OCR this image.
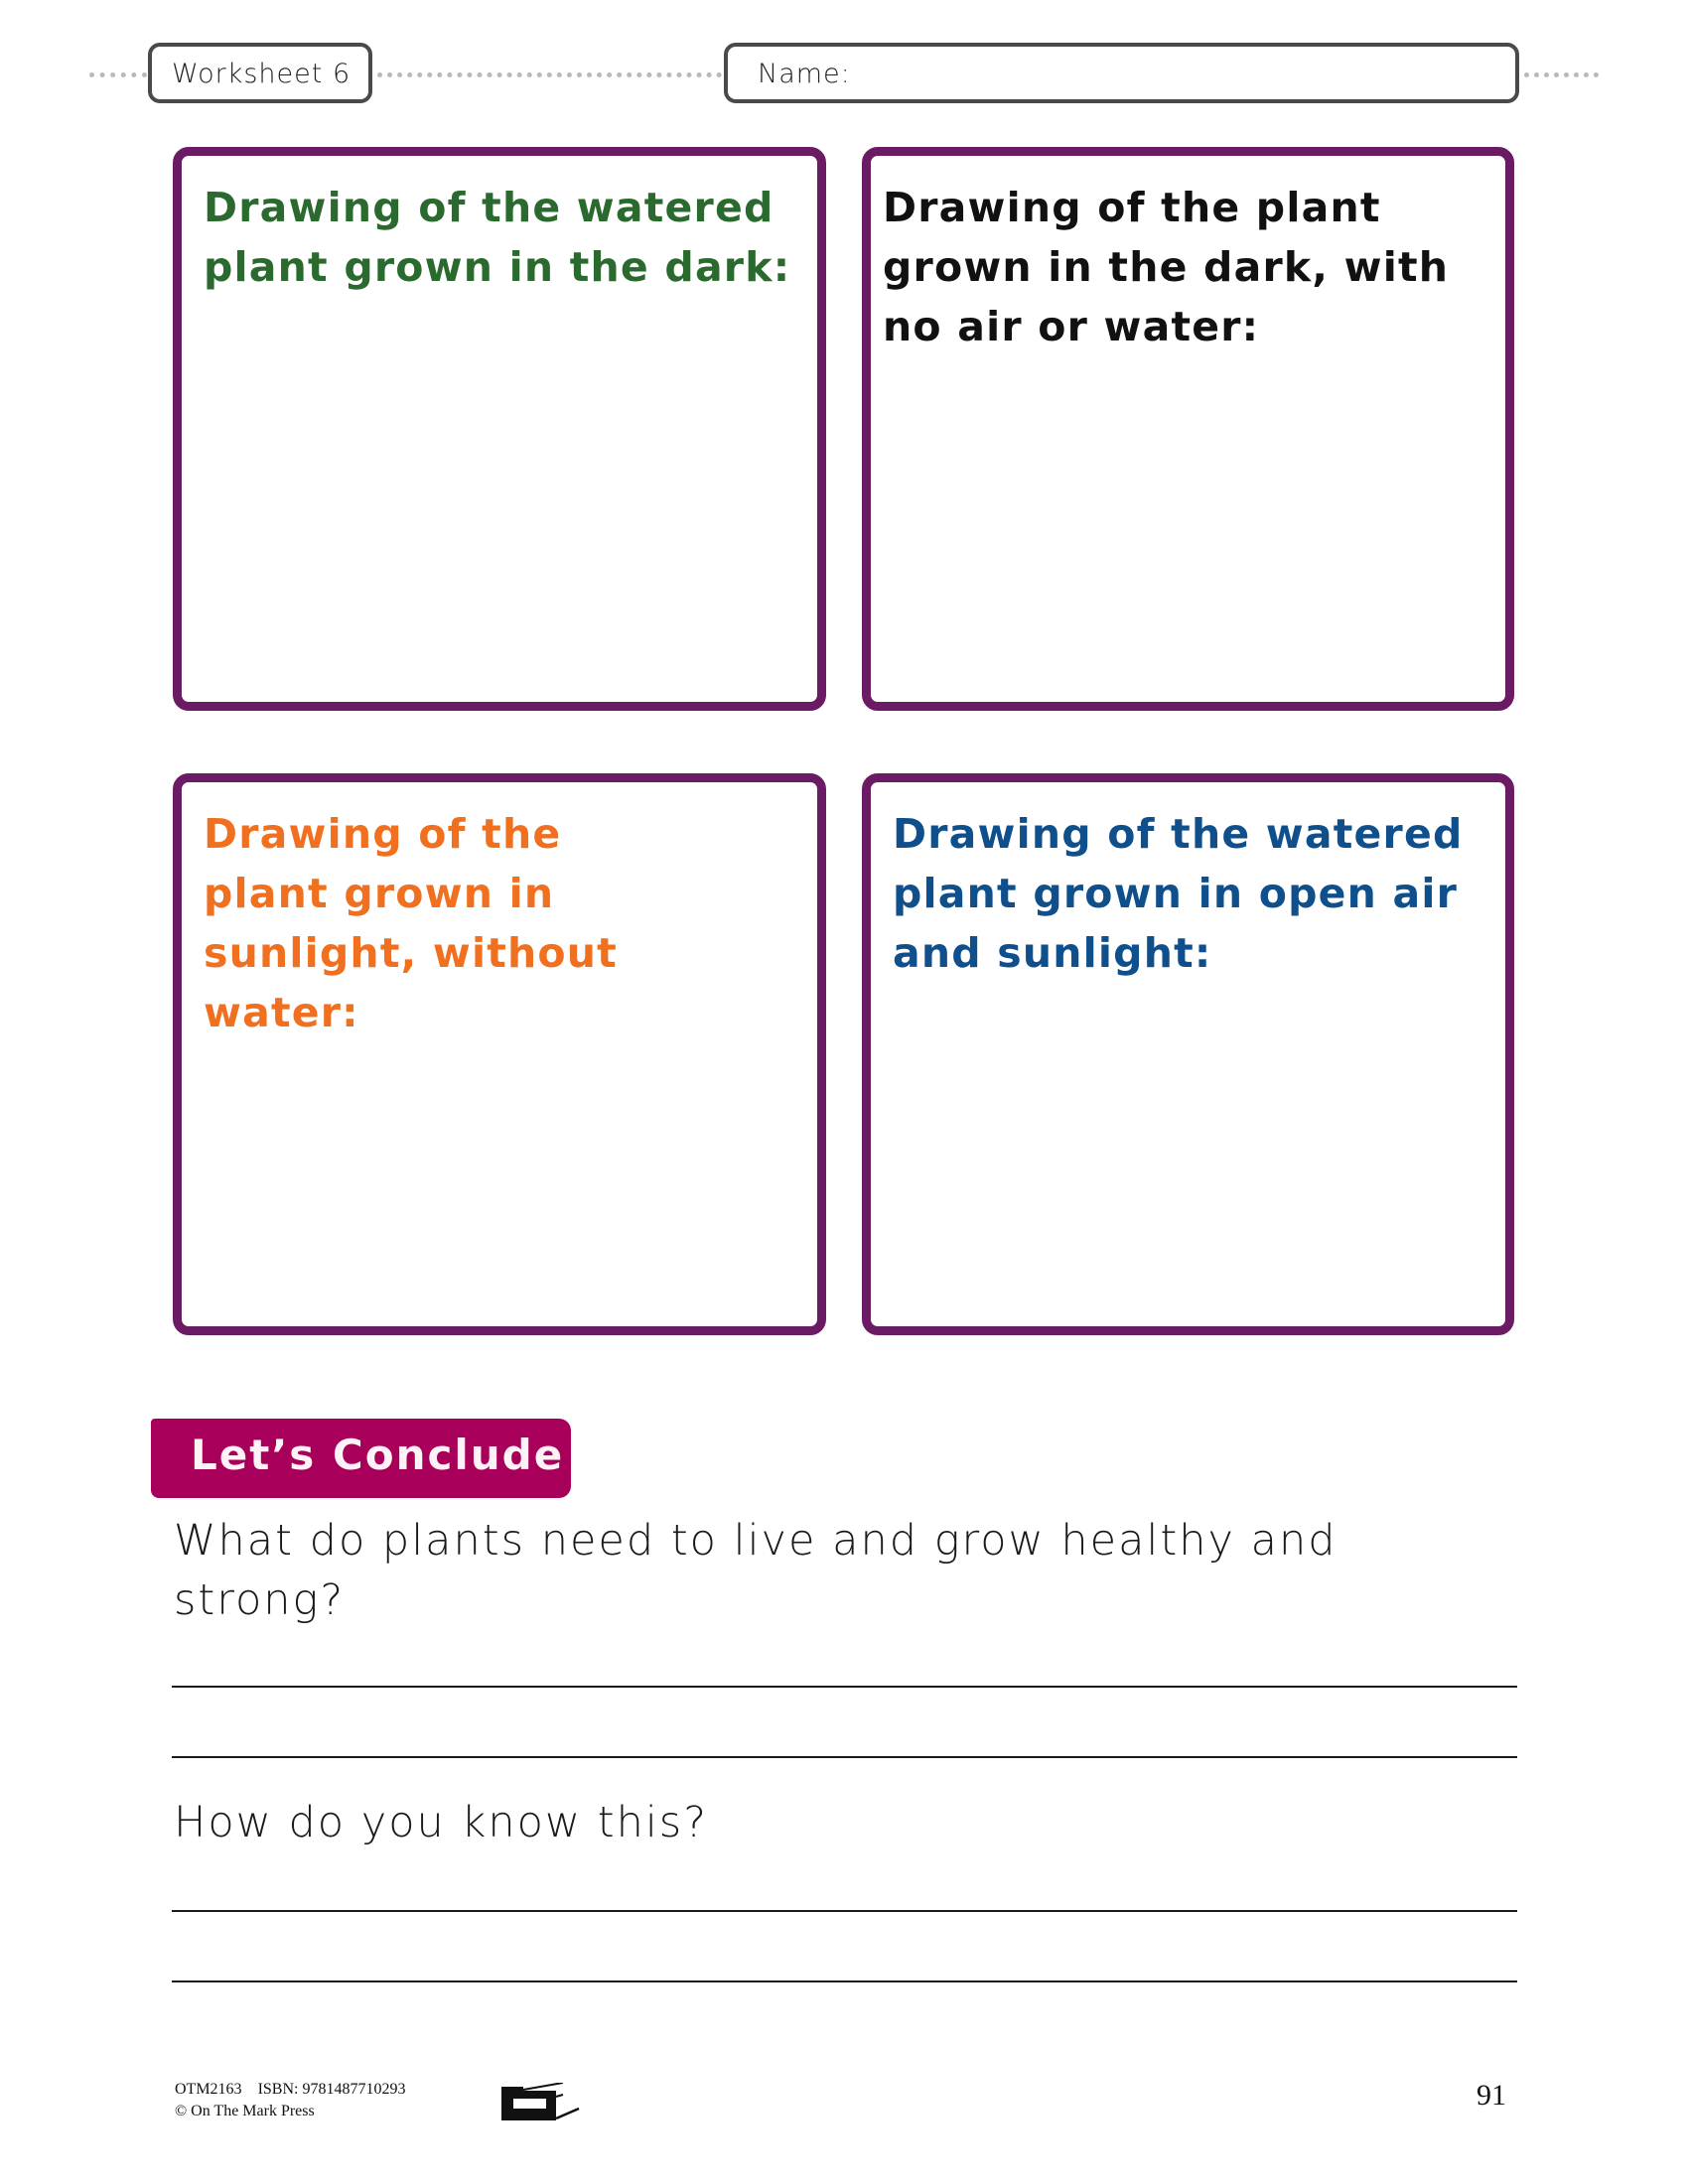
Worksheet 6	Name:

Drawing of the watered plant grown in the dark:

Drawing of the plant grown in the dark, with no air or water:

Drawing of the plant grown in sunlight, without water:

Drawing of the watered plant grown in open air and sunlight:

Let’s Conclude

What do plants need to live and grow healthy and strong?

How do you know this?

OTM2163 ISBN: 9781487710293
© On The Mark Press	91
